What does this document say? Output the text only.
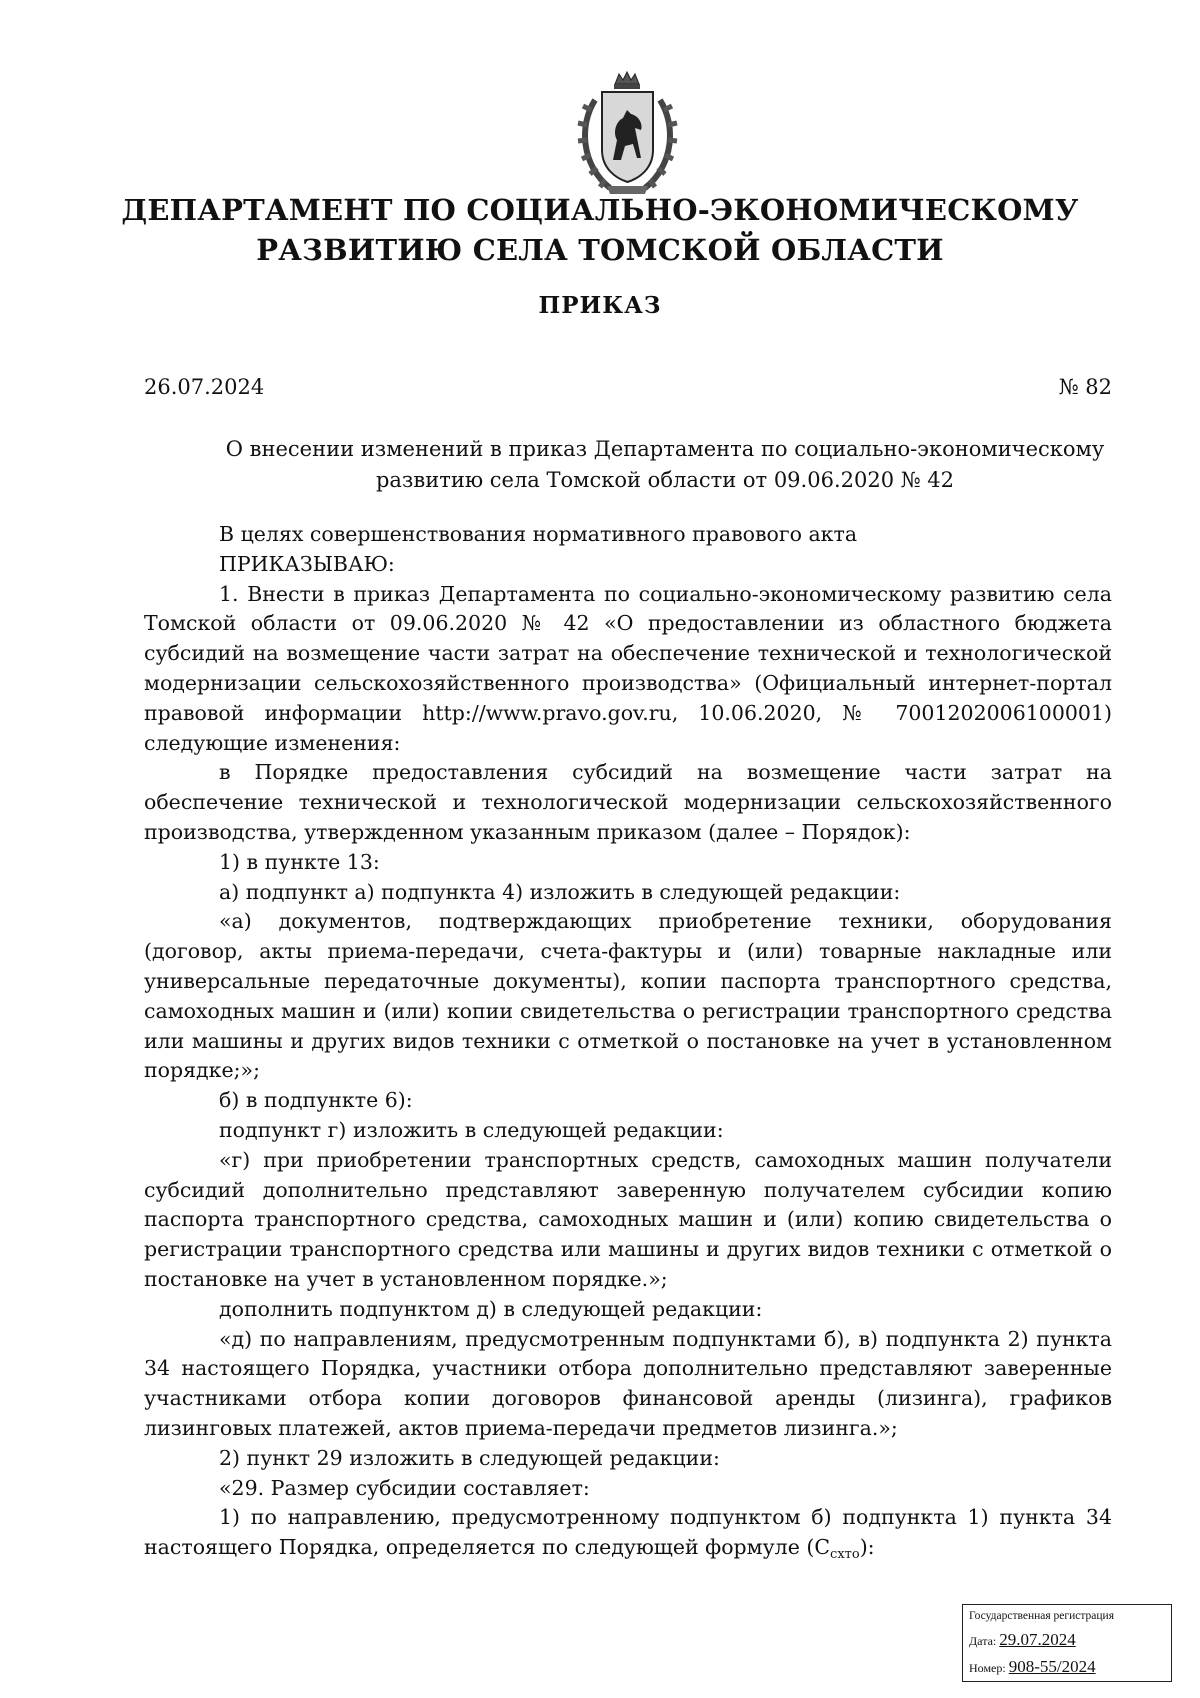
ДЕПАРТАМЕНТ ПО СОЦИАЛЬНО-ЭКОНОМИЧЕСКОМУ
РАЗВИТИЮ СЕЛА ТОМСКОЙ ОБЛАСТИ
ПРИКАЗ
26.07.2024	№ 82
О внесении изменений в приказ Департамента по социально-экономическому
развитию села Томской области от 09.06.2020 № 42

В целях совершенствования нормативного правового акта

ПРИКАЗЫВАЮ:

1. Внести в приказ Департамента по социально-экономическому развитию села Томской области от 09.06.2020 № 42 «О предоставлении из областного бюджета субсидий на возмещение части затрат на обеспечение технической и технологической модернизации сельскохозяйственного производства» (Официальный интернет-портал правовой информации http://www.pravo.gov.ru, 10.06.2020, № 7001202006100001) следующие изменения:

в Порядке предоставления субсидий на возмещение части затрат на обеспечение технической и технологической модернизации сельскохозяйственного производства, утвержденном указанным приказом (далее – Порядок):

1) в пункте 13:

а) подпункт а) подпункта 4) изложить в следующей редакции:

«а) документов, подтверждающих приобретение техники, оборудования (договор, акты приема-передачи, счета-фактуры и (или) товарные накладные или универсальные передаточные документы), копии паспорта транспортного средства, самоходных машин и (или) копии свидетельства о регистрации транспортного средства или машины и других видов техники с отметкой о постановке на учет в установленном порядке;»;

б) в подпункте 6):

подпункт г) изложить в следующей редакции:

«г) при приобретении транспортных средств, самоходных машин получатели субсидий дополнительно представляют заверенную получателем субсидии копию паспорта транспортного средства, самоходных машин и (или) копию свидетельства о регистрации транспортного средства или машины и других видов техники с отметкой о постановке на учет в установленном порядке.»;

дополнить подпунктом д) в следующей редакции:

«д) по направлениям, предусмотренным подпунктами б), в) подпункта 2) пункта 34 настоящего Порядка, участники отбора дополнительно представляют заверенные участниками отбора копии договоров финансовой аренды (лизинга), графиков лизинговых платежей, актов приема-передачи предметов лизинга.»;

2) пункт 29 изложить в следующей редакции:

«29. Размер субсидии составляет:

1) по направлению, предусмотренному подпунктом б) подпункта 1) пункта 34 настоящего Порядка, определяется по следующей формуле $(С_{схто})$:

Государственная регистрация
Дата: 29.07.2024
Номер: 908-55/2024
